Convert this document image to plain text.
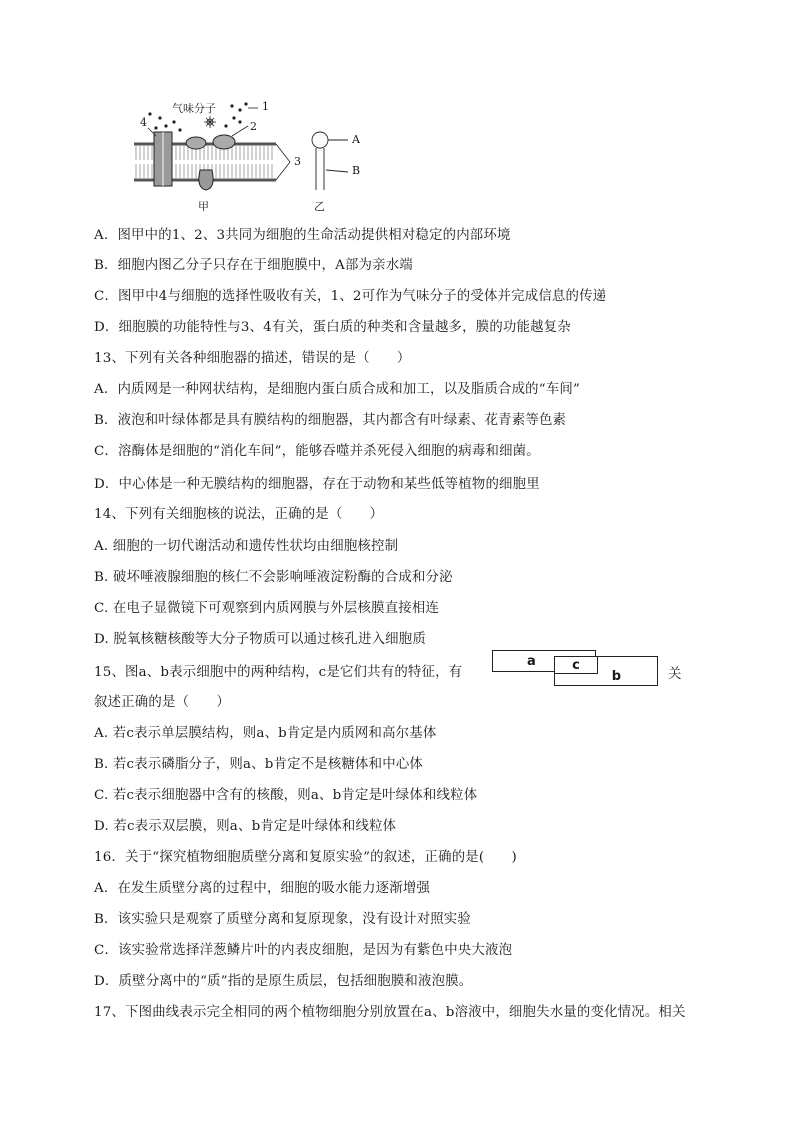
气味分子	1
2
3
4
甲	乙
A
B
A．图甲中的1、2、3共同为细胞的生命活动提供相对稳定的内部环境
B．细胞内图乙分子只存在于细胞膜中，A部为亲水端
C．图甲中4与细胞的选择性吸收有关，1、2可作为气味分子的受体并完成信息的传递
D．细胞膜的功能特性与3、4有关，蛋白质的种类和含量越多，膜的功能越复杂
13、下列有关各种细胞器的描述，错误的是（　　）
A．内质网是一种网状结构，是细胞内蛋白质合成和加工，以及脂质合成的“车间”
B．液泡和叶绿体都是具有膜结构的细胞器，其内都含有叶绿素、花青素等色素
C．溶酶体是细胞的“消化车间”，能够吞噬并杀死侵入细胞的病毒和细菌。
D．中心体是一种无膜结构的细胞器，存在于动物和某些低等植物的细胞里
14、下列有关细胞核的说法，正确的是（　　）
A. 细胞的一切代谢活动和遗传性状均由细胞核控制
B. 破坏唾液腺细胞的核仁不会影响唾液淀粉酶的合成和分泌
C. 在电子显微镜下可观察到内质网膜与外层核膜直接相连
D. 脱氧核糖核酸等大分子物质可以通过核孔进入细胞质
15、图a、b表示细胞中的两种结构，c是它们共有的特征，有
叙述正确的是（　　）
A. 若c表示单层膜结构，则a、b肯定是内质网和高尔基体
B. 若c表示磷脂分子，则a、b肯定不是核糖体和中心体
C. 若c表示细胞器中含有的核酸，则a、b肯定是叶绿体和线粒体
D. 若c表示双层膜，则a、b肯定是叶绿体和线粒体
16．关于“探究植物细胞质壁分离和复原实验”的叙述，正确的是(　　)
A．在发生质壁分离的过程中，细胞的吸水能力逐渐增强
B．该实验只是观察了质壁分离和复原现象，没有设计对照实验
C．该实验常选择洋葱鳞片叶的内表皮细胞，是因为有紫色中央大液泡
D．质壁分离中的“质”指的是原生质层，包括细胞膜和液泡膜。
17、下图曲线表示完全相同的两个植物细胞分别放置在a、b溶液中，细胞失水量的变化情况。相关
a
b
c
关
